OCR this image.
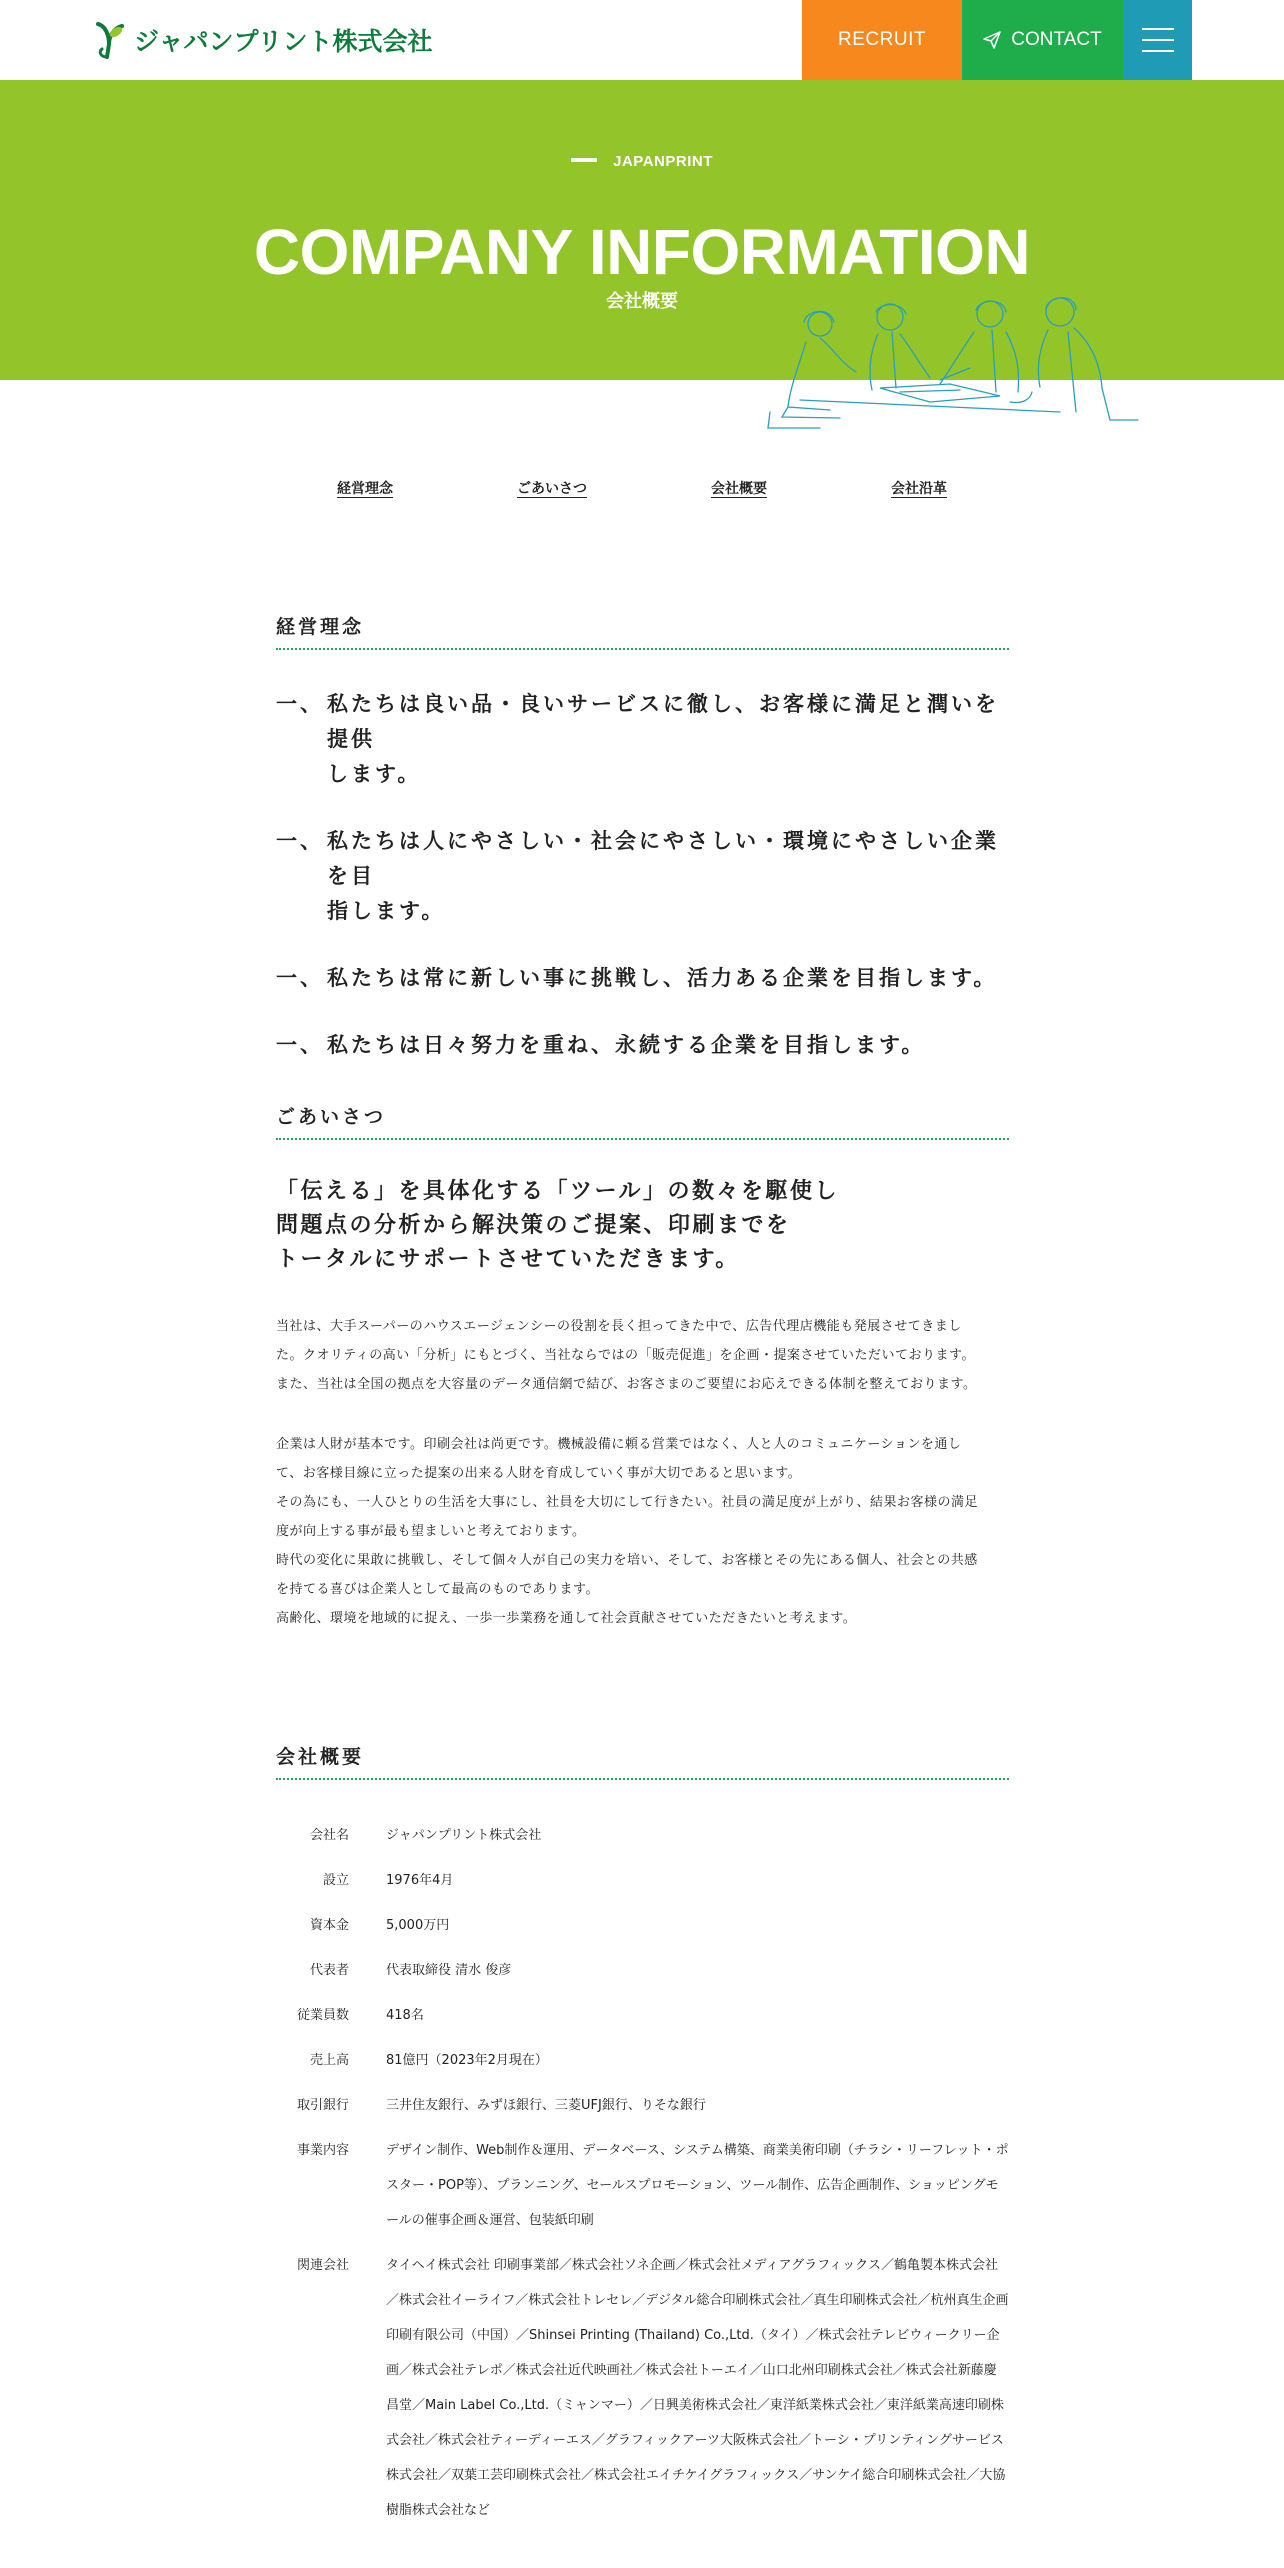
ジャパンプリント株式会社	RECRUIT	CONTACT
JAPANPRINT
COMPANY INFORMATION
会社概要
経営理念	ごあいさつ	会社概要	会社沿革
経営理念
一、 私たちは良い品・良いサービスに徹し、お客様に満足と潤いを提供
します。
一、 私たちは人にやさしい・社会にやさしい・環境にやさしい企業を目
指します。
一、 私たちは常に新しい事に挑戦し、活力ある企業を目指します。
一、 私たちは日々努力を重ね、永続する企業を目指します。
ごあいさつ
「伝える」を具体化する「ツール」の数々を駆使し
問題点の分析から解決策のご提案、印刷までを
トータルにサポートさせていただきます。

当社は、大手スーパーのハウスエージェンシーの役割を長く担ってきた中で、広告代理店機能も発展させてきまし

た。クオリティの高い「分析」にもとづく、当社ならではの「販売促進」を企画・提案させていただいております。

また、当社は全国の拠点を大容量のデータ通信網で結び、お客さまのご要望にお応えできる体制を整えております。

企業は人財が基本です。印刷会社は尚更です。機械設備に頼る営業ではなく、人と人のコミュニケーションを通し

て、お客様目線に立った提案の出来る人財を育成していく事が大切であると思います。

その為にも、一人ひとりの生活を大事にし、社員を大切にして行きたい。社員の満足度が上がり、結果お客様の満足

度が向上する事が最も望ましいと考えております。

時代の変化に果敢に挑戦し、そして個々人が自己の実力を培い、そして、お客様とその先にある個人、社会との共感

を持てる喜びは企業人として最高のものであります。

高齢化、環境を地域的に捉え、一歩一歩業務を通して社会貢献させていただきたいと考えます。

会社概要
会社名	ジャパンプリント株式会社
設立	1976年4月
資本金	5,000万円
代表者	代表取締役 清水 俊彦
従業員数	418名
売上高	81億円（2023年2月現在）
取引銀行	三井住友銀行、みずほ銀行、三菱UFJ銀行、りそな銀行
事業内容	デザイン制作、Web制作＆運用、データベース、システム構築、商業美術印刷（チラシ・リーフレット・ポスター・POP等）、プランニング、セールスプロモーション、ツール制作、広告企画制作、ショッピングモールの催事企画＆運営、包装紙印刷
関連会社	タイヘイ株式会社 印刷事業部／株式会社ソネ企画／株式会社メディアグラフィックス／鶴亀製本株式会社／株式会社イーライフ／株式会社トレセレ／デジタル総合印刷株式会社／真生印刷株式会社／杭州真生企画印刷有限公司（中国）／Shinsei Printing (Thailand) Co.,Ltd.（タイ）／株式会社テレビウィークリー企画／株式会社テレポ／株式会社近代映画社／株式会社トーエイ／山口北州印刷株式会社／株式会社新藤慶昌堂／Main Label Co.,Ltd.（ミャンマー）／日興美術株式会社／東洋紙業株式会社／東洋紙業高速印刷株式会社／株式会社ティーディーエス／グラフィックアーツ大阪株式会社／トーシ・プリンティングサービス株式会社／双葉工芸印刷株式会社／株式会社エイチケイグラフィックス／サンケイ総合印刷株式会社／大協樹脂株式会社など
